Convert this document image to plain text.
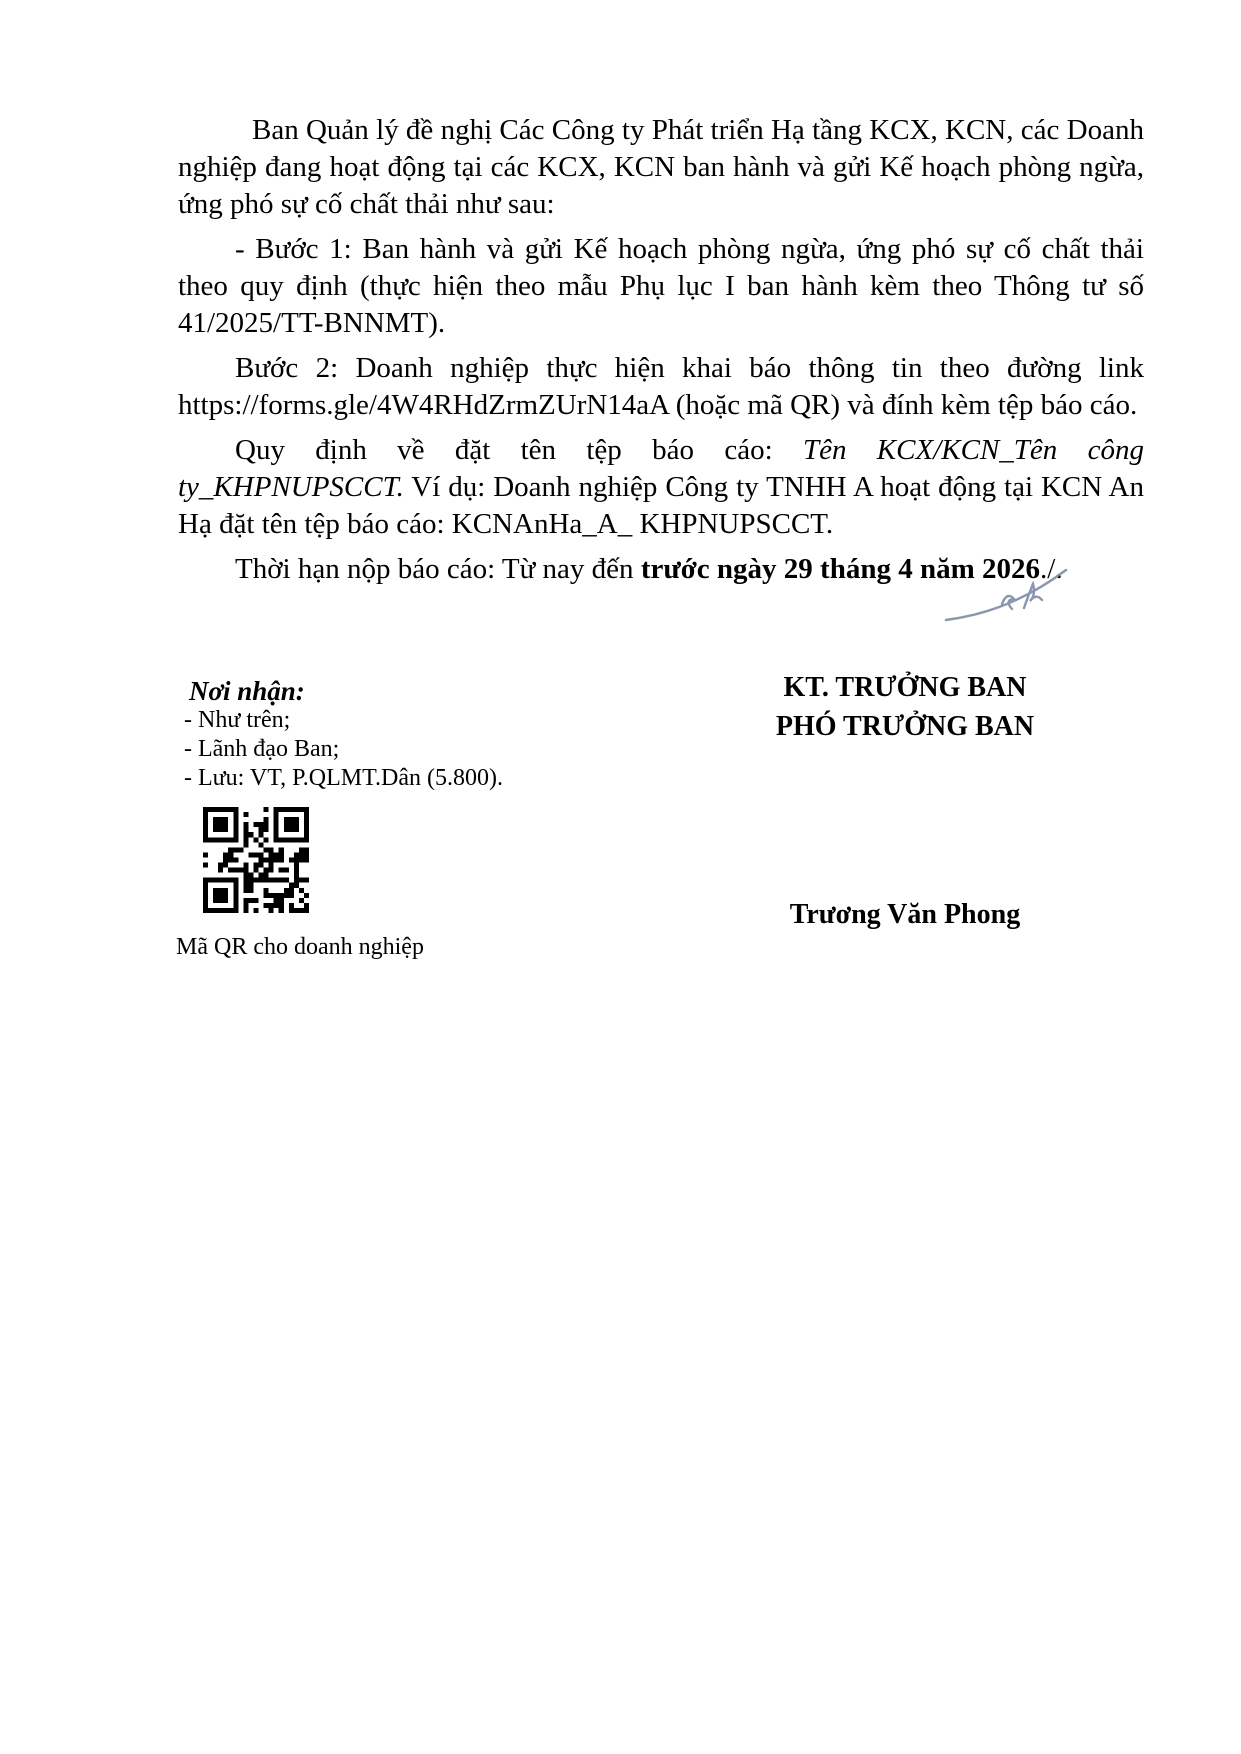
Ban Quản lý đề nghị Các Công ty Phát triển Hạ tầng KCX, KCN, các Doanh nghiệp đang hoạt động tại các KCX, KCN ban hành và gửi Kế hoạch phòng ngừa, ứng phó sự cố chất thải như sau:

- Bước 1: Ban hành và gửi Kế hoạch phòng ngừa, ứng phó sự cố chất thải theo quy định (thực hiện theo mẫu Phụ lục I ban hành kèm theo Thông tư số 41/2025/TT-BNNMT).

Bước 2: Doanh nghiệp thực hiện khai báo thông tin theo đường link https://forms.gle/4W4RHdZrmZUrN14aA (hoặc mã QR) và đính kèm tệp báo cáo.

Quy định về đặt tên tệp báo cáo: Tên KCX/KCN_Tên công ty_KHPNUPSCCT. Ví dụ: Doanh nghiệp Công ty TNHH A hoạt động tại KCN An Hạ đặt tên tệp báo cáo: KCNAnHa_A_ KHPNUPSCCT.

Thời hạn nộp báo cáo: Từ nay đến trước ngày 29 tháng 4 năm 2026./.

Nơi nhận:
- Như trên;
- Lãnh đạo Ban;
- Lưu: VT, P.QLMT.Dân (5.800).
Mã QR cho doanh nghiệp
KT. TRƯỞNG BAN
PHÓ TRƯỞNG BAN
Trương Văn Phong
